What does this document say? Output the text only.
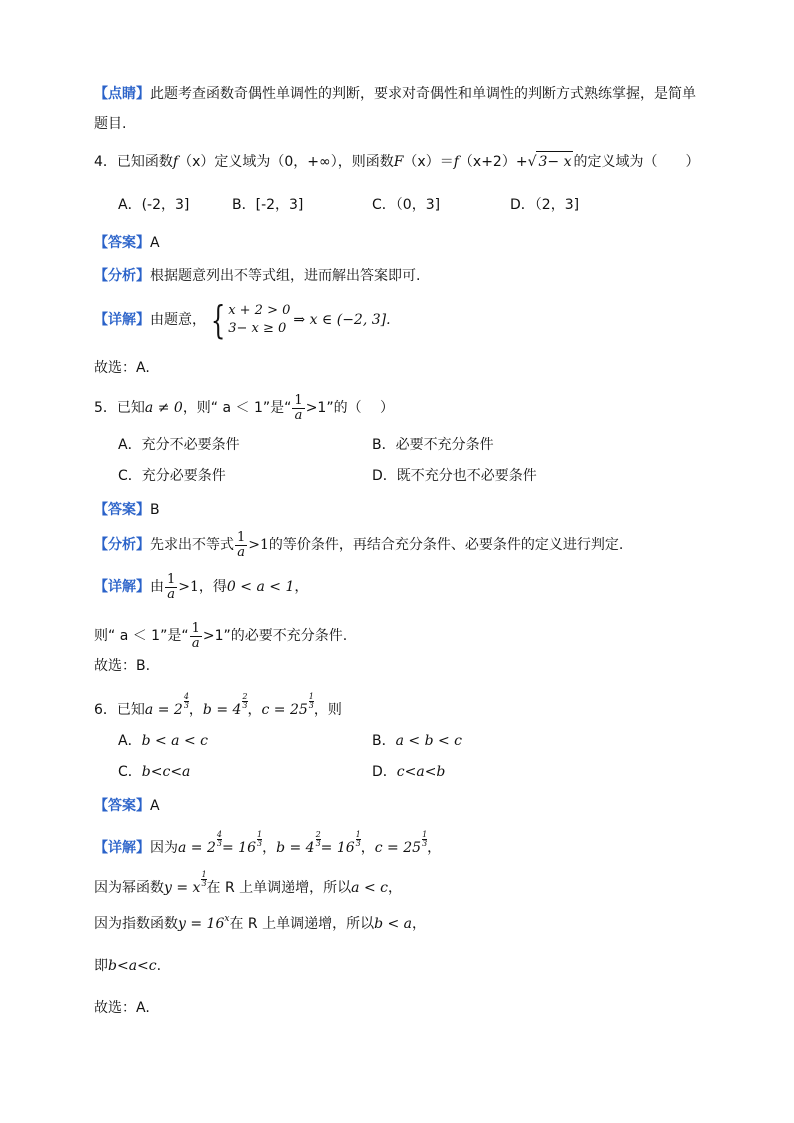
【点睛】此题考查函数奇偶性单调性的判断，要求对奇偶性和单调性的判断方式熟练掌握，是简单
题目.
4．已知函数f（x）定义域为（0，+∞），则函数F（x）＝f（x+2）+ √ 3− x 的定义域为（　　）
A．(-2，3]	B．[-2，3]	C．（0，3]	D．（2，3]
【答案】A
【分析】根据题意列出不等式组，进而解出答案即可.
【详解】 由题意， { x + 2 > 0
3− x ≥ 0
⇒ x ∈ (−2, 3].
故选：A.
5． 已知 a ≠ 0 ，则“ a ＜ 1”是“ $\frac{1}{a} >1$”的（　 ）
A．充分不必要条件	B．必要不充分条件
C．充分必要条件	D．既不充分也不必要条件
【答案】B
【分析】 先求出不等式 $\frac{1}{a} >1$ 的等价条件，再结合充分条件、必要条件的定义进行判定.
【详解】 由 $\frac{1}{a} >1$ ，得 0 < a < 1 ，
则“ a ＜ 1”是“ $\frac{1}{a} >1$”的必要不充分条件.
故选：B.
6． 已知 $a = 2 \frac{4}{3}$ ， $b = 4 \frac{2}{3}$ ， $c = 25 \frac{1}{3}$ ，则
A．b < a < c	B．a < b < c
C．b<c<a	D．c<a<b
【答案】A
【详解】 因为 $a = 2 \frac{4}{3} = 16 \frac{1}{3}$ ， $b = 4 \frac{2}{3} = 16 \frac{1}{3}$ ， $c = 25 \frac{1}{3}$ ，
因为幂函数 y = x $\frac{1}{3}$ 在 R 上单调递增，所以 a < c ，
因为指数函数$y = 16^x$在 R 上单调递增，所以b < a，
即b<a<c.
故选：A.
